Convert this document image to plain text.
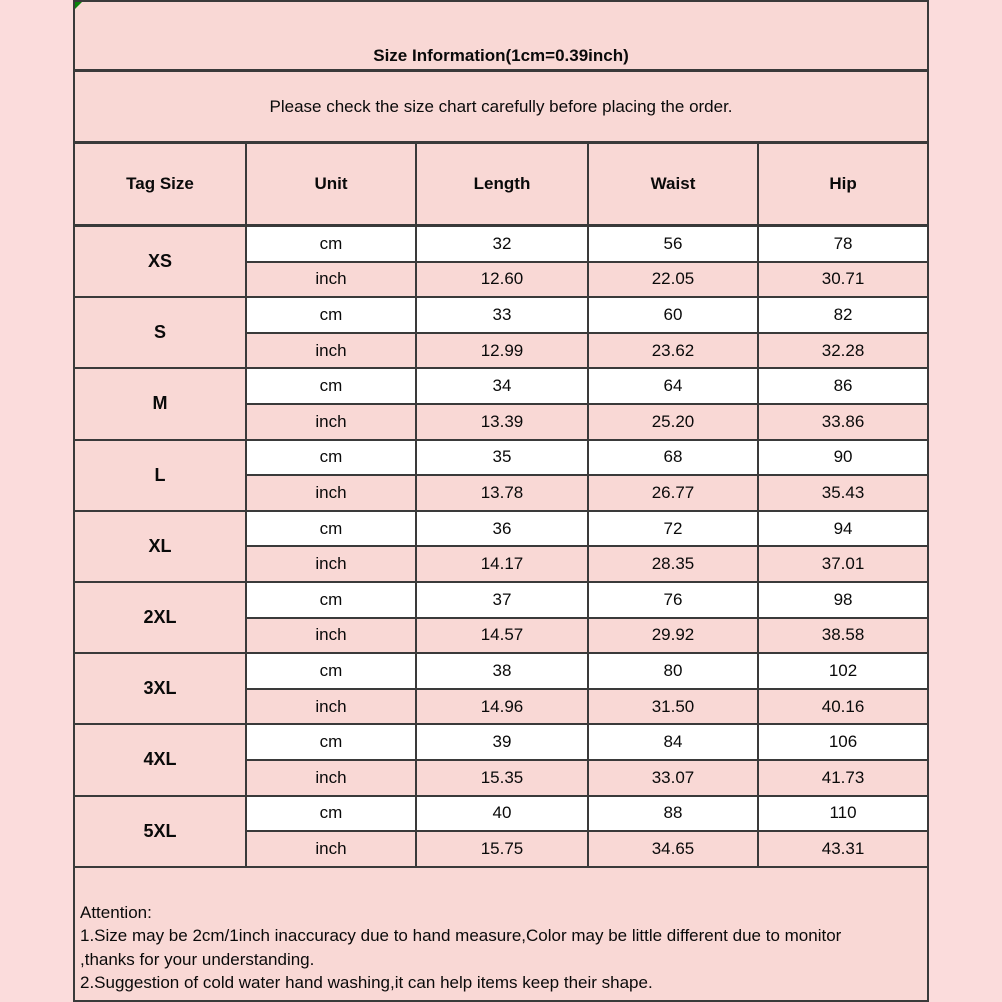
Size Information(1cm=0.39inch)				
Please check the size chart carefully before placing the order.				
Tag Size	Unit	Length	Waist	Hip
XS	cm	32	56	78
	inch	12.60	22.05	30.71
S	cm	33	60	82
	inch	12.99	23.62	32.28
M	cm	34	64	86
	inch	13.39	25.20	33.86
L	cm	35	68	90
	inch	13.78	26.77	35.43
XL	cm	36	72	94
	inch	14.17	28.35	37.01
2XL	cm	37	76	98
	inch	14.57	29.92	38.58
3XL	cm	38	80	102
	inch	14.96	31.50	40.16
4XL	cm	39	84	106
	inch	15.35	33.07	41.73
5XL	cm	40	88	110
	inch	15.75	34.65	43.31

Attention:
1.Size may be 2cm/1inch inaccuracy due to hand measure,Color may be little different due to monitor
,thanks for your understanding.
2.Suggestion of cold water hand washing,it can help items keep their shape.				
